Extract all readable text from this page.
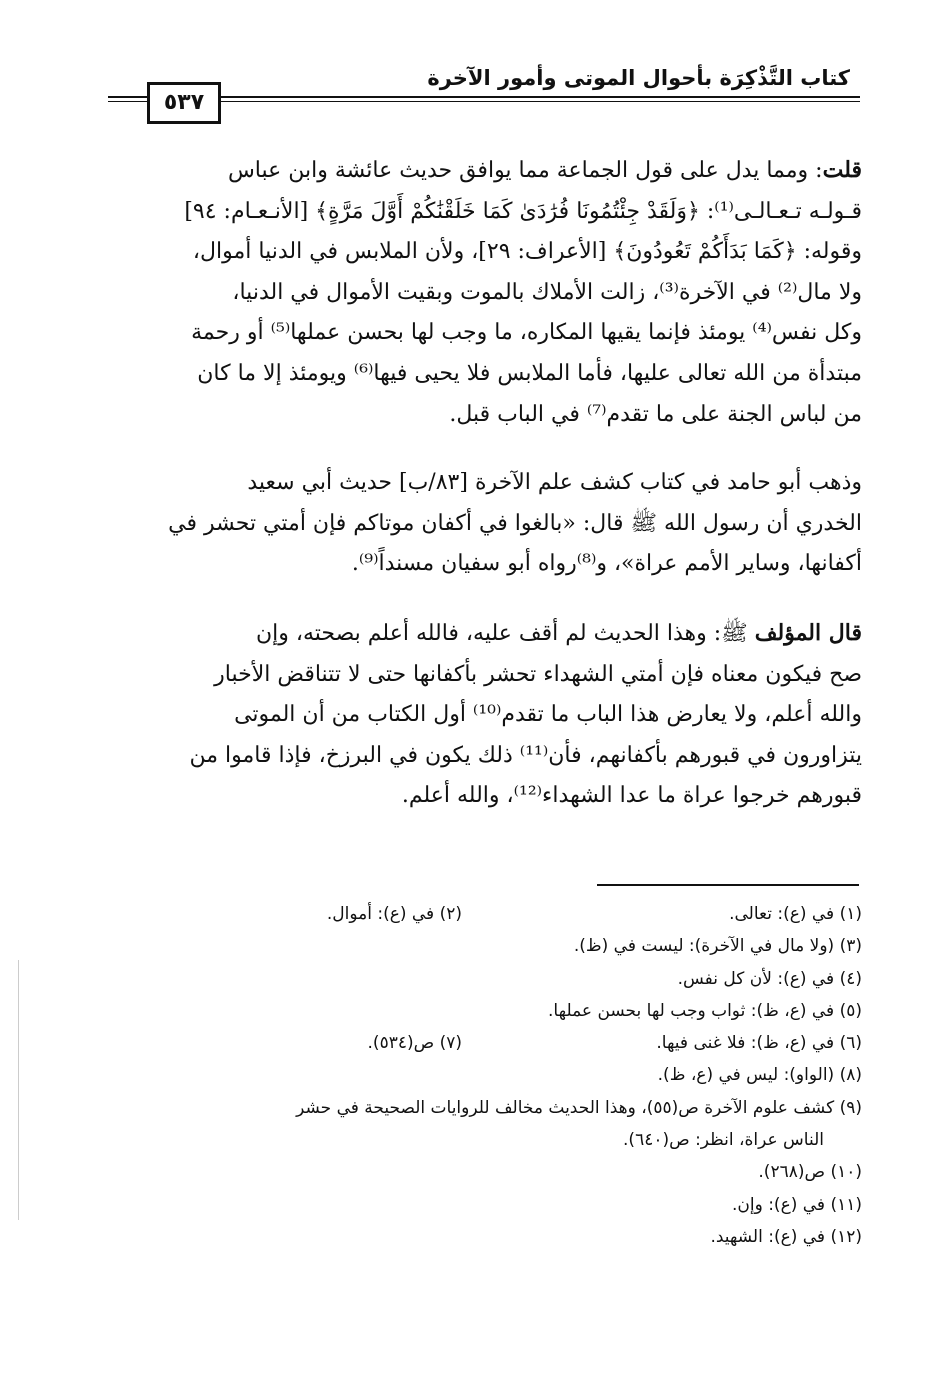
كتاب التَّذْكِرَة بأحوال الموتى وأمور الآخرة
٥٣٧
قلت: ومما يدل على قول الجماعة مما يوافق حديث عائشة وابن عباس
قـولـه تـعـالـى⁽¹⁾: ﴿وَلَقَدْ جِئْتُمُونَا فُرَٰدَىٰ كَمَا خَلَقْنَٰكُمْ أَوَّلَ مَرَّةٍ﴾ [الأنـعـام: ٩٤]
وقوله: ﴿كَمَا بَدَأَكُمْ تَعُودُونَ﴾ [الأعراف: ٢٩]، ولأن الملابس في الدنيا أموال،
ولا مال⁽²⁾ في الآخرة⁽³⁾، زالت الأملاك بالموت وبقيت الأموال في الدنيا،
وكل نفس⁽⁴⁾ يومئذ فإنما يقيها المكاره، ما وجب لها بحسن عملها⁽⁵⁾ أو رحمة
مبتدأة من الله تعالى عليها، فأما الملابس فلا يحيى فيها⁽⁶⁾ ويومئذ إلا ما كان
من لباس الجنة على ما تقدم⁽⁷⁾ في الباب قبل.
وذهب أبو حامد في كتاب كشف علم الآخرة [٨٣/ب] حديث أبي سعيد
الخدري أن رسول الله ﷺ قال: «بالغوا في أكفان موتاكم فإن أمتي تحشر في
أكفانها، وساير الأمم عراة»، و⁽⁸⁾رواه أبو سفيان مسنداً⁽⁹⁾.
قال المؤلف ﷺ: وهذا الحديث لم أقف عليه، فالله أعلم بصحته، وإن
صح فيكون معناه فإن أمتي الشهداء تحشر بأكفانها حتى لا تتناقض الأخبار
والله أعلم، ولا يعارض هذا الباب ما تقدم⁽¹⁰⁾ أول الكتاب من أن الموتى
يتزاورون في قبورهم بأكفانهم، فأن⁽¹¹⁾ ذلك يكون في البرزخ، فإذا قاموا من
قبورهم خرجوا عراة ما عدا الشهداء⁽¹²⁾، والله أعلم.
(١) في (ع): تعالى.
(٢) في (ع): أموال.
(٣) (ولا مال في الآخرة): ليست في (ظ).
(٤) في (ع): لأن كل نفس.
(٥) في (ع، ظ): ثواب وجب لها بحسن عملها.
(٦) في (ع، ظ): فلا غنى فيها.
(٧) ص(٥٣٤).
(٨) (الواو): ليس في (ع، ظ).
(٩) كشف علوم الآخرة ص(٥٥)، وهذا الحديث مخالف للروايات الصحيحة في حشر
الناس عراة، انظر: ص(٦٤٠).
(١٠) ص(٢٦٨).
(١١) في (ع): وإن.
(١٢) في (ع): الشهيد.
